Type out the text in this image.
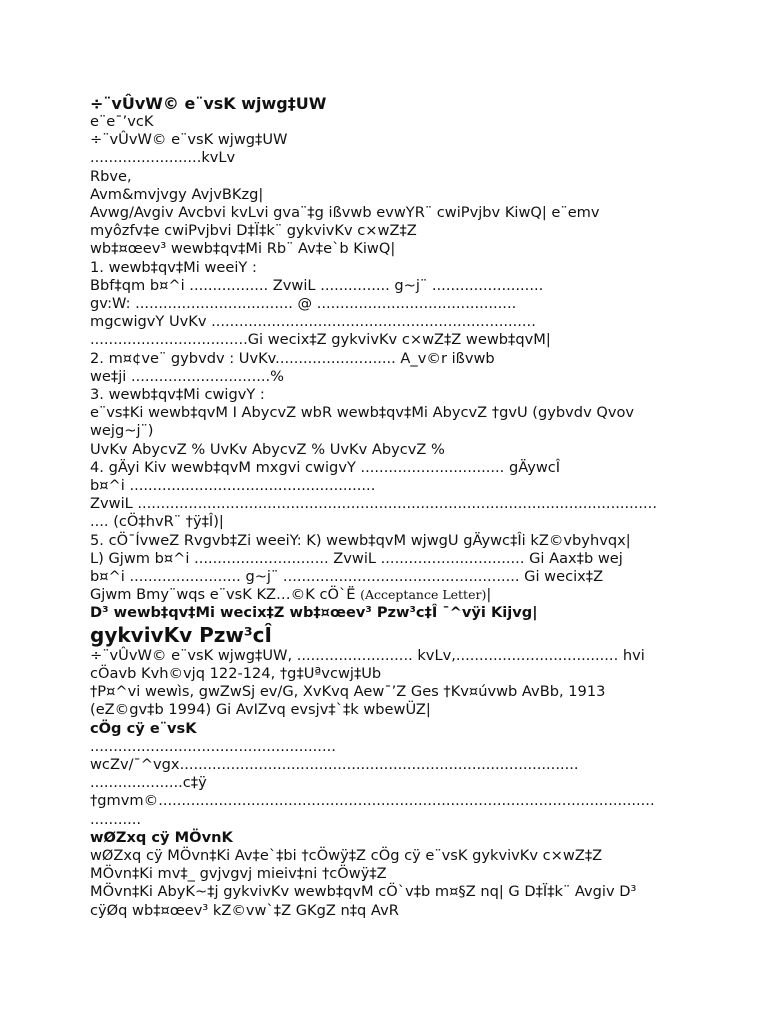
÷¨vÛvW© e¨vsK wjwg‡UW
e¨e¯’vcK
÷¨vÛvW© e¨vsK wjwg‡UW
........................kvLv
Rbve,
Avm&mvjvgy AvjvBKzg|
Avwg/Avgiv Avcbvi kvLvi gva¨‡g ißvwb evwYR¨ cwiPvjbv KiwQ| e¨emv
myôzfv‡e cwiPvjbvi D‡Ï‡k¨ gykvivKv c×wZ‡Z
wb‡¤œev³ wewb‡qv‡Mi Rb¨ Av‡e`b KiwQ|
1. wewb‡qv‡Mi weeiY :
Bbf‡qm b¤^i ................. ZvwiL ............... g~j¨ ........................
gv:W: .................................. @ ...........................................
mgcwigvY UvKv ......................................................................
..................................Gi wecix‡Z gykvivKv c×wZ‡Z wewb‡qvM|
2. m¤¢ve¨ gybvdv : UvKv.......................... A_v©r ißvwb
we‡ji ..............................%
3. wewb‡qv‡Mi cwigvY :
e¨vs‡Ki wewb‡qvM I AbycvZ wbR wewb‡qv‡Mi AbycvZ †gvU (gybvdv Qvov
wejg~j¨)
UvKv AbycvZ % UvKv AbycvZ % UvKv AbycvZ %
4. gÄyi Kiv wewb‡qvM mxgvi cwigvY ............................... gÄywcÎ
b¤^i .....................................................
ZvwiL ................................................................................................................
.... (cÖ‡hvR¨ †ÿ‡Î)|
5. cÖ¯ÍvweZ Rvgvb‡Zi weeiY: K) wewb‡qvM wjwgU gÄywc‡Îi kZ©vbyhvqx|
L) Gjwm b¤^i ............................. ZvwiL ............................... Gi Aax‡b wej
b¤^i ........................ g~j¨ ................................................... Gi wecix‡Z
Gjwm Bmy¨wqs e¨vsK KZ…©K cÖ`Ë (Acceptance Letter)|
D³ wewb‡qv‡Mi wecix‡Z wb‡¤œev³ Pzw³c‡Î ¯^vÿi Kijvg|
gykvivKv Pzw³cÎ
÷¨vÛvW© e¨vsK wjwg‡UW, ......................... kvLv,................................... hvi
cÖavb Kvh©vjq 122-124, †g‡Uªvcwj‡Ub
†P¤^vi wewìs, gwZwSj ev/G, XvKvq Aew¯’Z Ges †Kv¤úvwb AvBb, 1913
(eZ©gv‡b 1994) Gi AvIZvq evsjv‡`‡k wbewÜZ|
cÖg cÿ e¨vsK
.....................................................
wcZv/¯^vgx......................................................................................
....................c‡ÿ
†gmvm©...........................................................................................................
...........
wØZxq cÿ MÖvnK
wØZxq cÿ MÖvn‡Ki Av‡e`‡bi †cÖwÿ‡Z cÖg cÿ e¨vsK gykvivKv c×wZ‡Z
MÖvn‡Ki mv‡_ gvjvgvj mieiv‡ni †cÖwÿ‡Z
MÖvn‡Ki AbyK~‡j gykvivKv wewb‡qvM cÖ`v‡b m¤§Z nq| G D‡Ï‡k¨ Avgiv D³
cÿØq wb‡¤œev³ kZ©vw`‡Z GKgZ n‡q AvR
